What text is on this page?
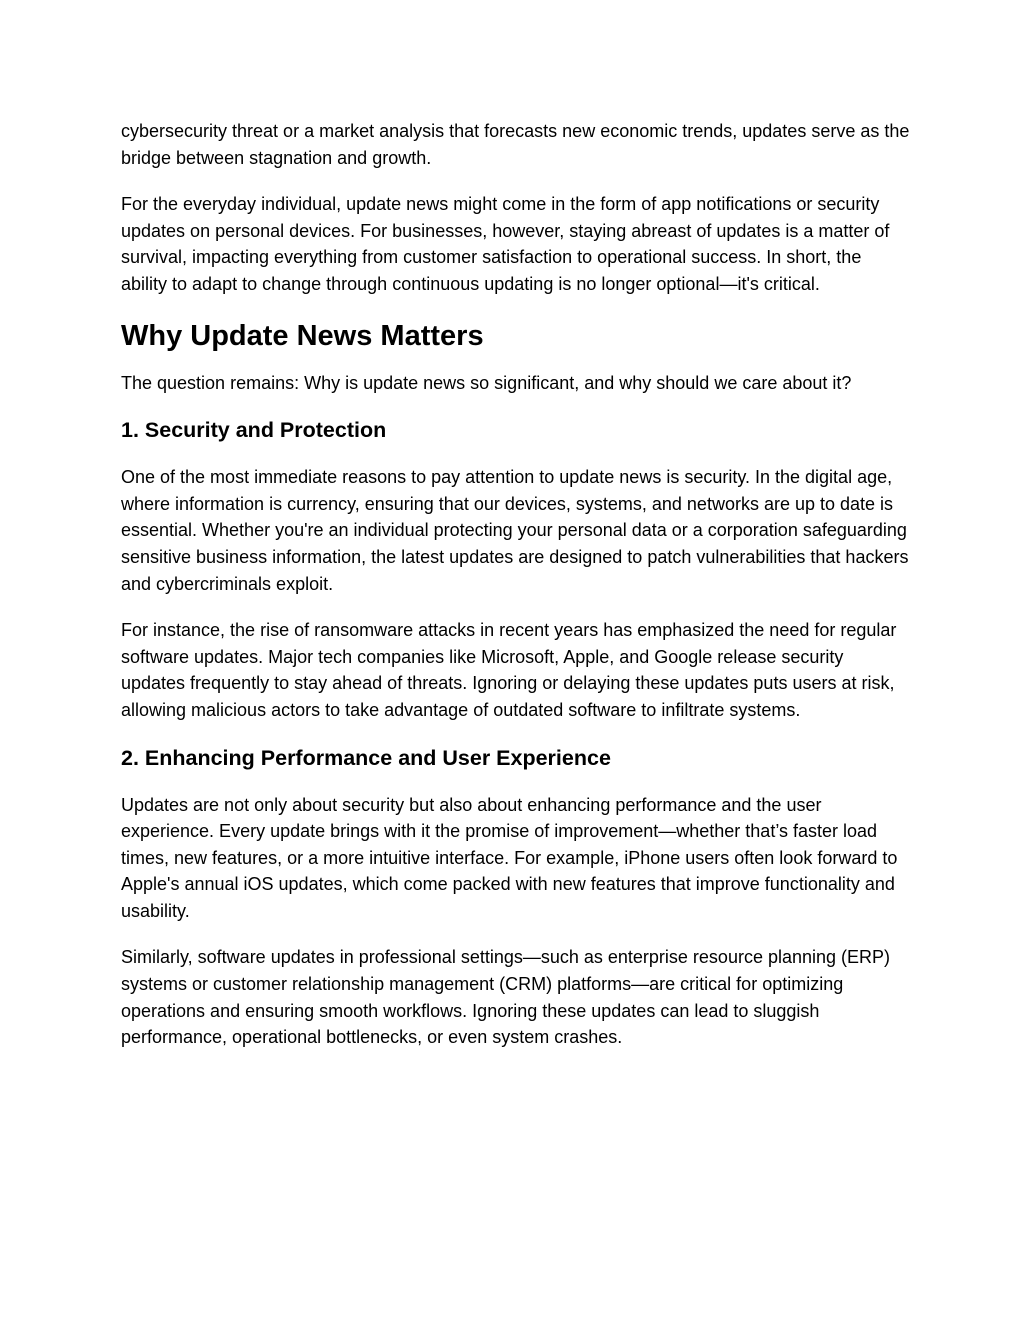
cybersecurity threat or a market analysis that forecasts new economic trends, updates serve as the bridge between stagnation and growth.

For the everyday individual, update news might come in the form of app notifications or security updates on personal devices. For businesses, however, staying abreast of updates is a matter of survival, impacting everything from customer satisfaction to operational success. In short, the ability to adapt to change through continuous updating is no longer optional—it's critical.

Why Update News Matters

The question remains: Why is update news so significant, and why should we care about it?

1. Security and Protection

One of the most immediate reasons to pay attention to update news is security. In the digital age, where information is currency, ensuring that our devices, systems, and networks are up to date is essential. Whether you're an individual protecting your personal data or a corporation safeguarding sensitive business information, the latest updates are designed to patch vulnerabilities that hackers and cybercriminals exploit.

For instance, the rise of ransomware attacks in recent years has emphasized the need for regular software updates. Major tech companies like Microsoft, Apple, and Google release security updates frequently to stay ahead of threats. Ignoring or delaying these updates puts users at risk, allowing malicious actors to take advantage of outdated software to infiltrate systems.

2. Enhancing Performance and User Experience

Updates are not only about security but also about enhancing performance and the user experience. Every update brings with it the promise of improvement—whether that’s faster load times, new features, or a more intuitive interface. For example, iPhone users often look forward to Apple's annual iOS updates, which come packed with new features that improve functionality and usability.

Similarly, software updates in professional settings—such as enterprise resource planning (ERP) systems or customer relationship management (CRM) platforms—are critical for optimizing operations and ensuring smooth workflows. Ignoring these updates can lead to sluggish performance, operational bottlenecks, or even system crashes.
